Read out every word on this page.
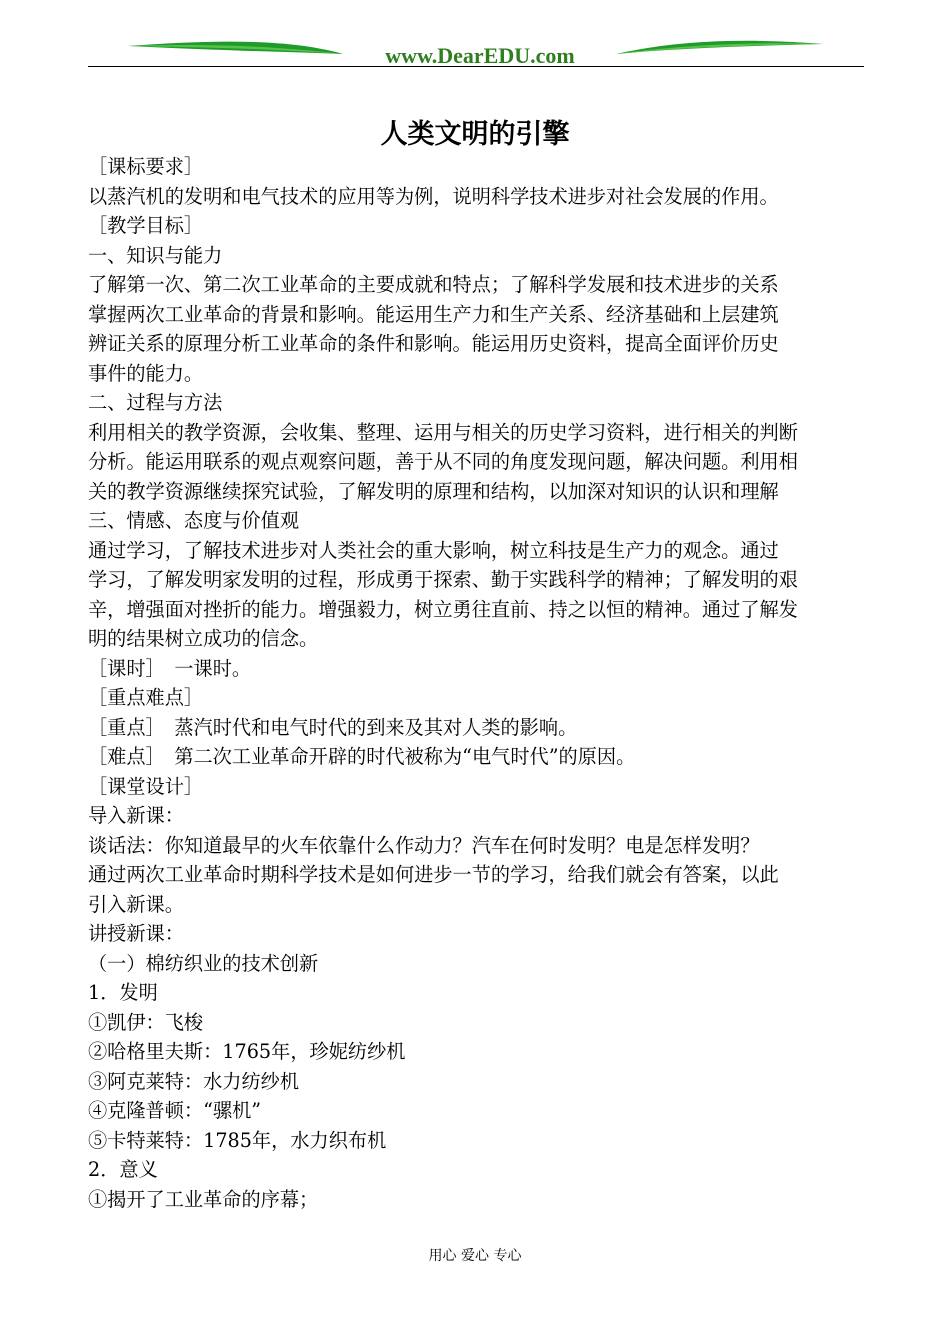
www.DearEDU.com
人类文明的引擎
［课标要求］
以蒸汽机的发明和电气技术的应用等为例，说明科学技术进步对社会发展的作用。
［教学目标］
一、知识与能力
了解第一次、第二次工业革命的主要成就和特点；了解科学发展和技术进步的关系
掌握两次工业革命的背景和影响。能运用生产力和生产关系、经济基础和上层建筑
辨证关系的原理分析工业革命的条件和影响。能运用历史资料，提高全面评价历史
事件的能力。
二、过程与方法
利用相关的教学资源，会收集、整理、运用与相关的历史学习资料，进行相关的判断
分析。能运用联系的观点观察问题，善于从不同的角度发现问题，解决问题。利用相
关的教学资源继续探究试验，了解发明的原理和结构，以加深对知识的认识和理解
三、情感、态度与价值观
通过学习，了解技术进步对人类社会的重大影响，树立科技是生产力的观念。通过
学习，了解发明家发明的过程，形成勇于探索、勤于实践科学的精神；了解发明的艰
辛，增强面对挫折的能力。增强毅力，树立勇往直前、持之以恒的精神。通过了解发
明的结果树立成功的信念。
［课时］　一课时。
［重点难点］
［重点］　蒸汽时代和电气时代的到来及其对人类的影响。
［难点］　第二次工业革命开辟的时代被称为“电气时代”的原因。
［课堂设计］
导入新课：
谈话法：你知道最早的火车依靠什么作动力？汽车在何时发明？电是怎样发明？
通过两次工业革命时期科学技术是如何进步一节的学习，给我们就会有答案，以此
引入新课。
讲授新课：
（一）棉纺织业的技术创新
1．发明
①凯伊：飞梭
②哈格里夫斯：1765年，珍妮纺纱机
③阿克莱特：水力纺纱机
④克隆普顿：“骡机”
⑤卡特莱特：1785年，水力织布机
2．意义
①揭开了工业革命的序幕；
用心 爱心 专心
